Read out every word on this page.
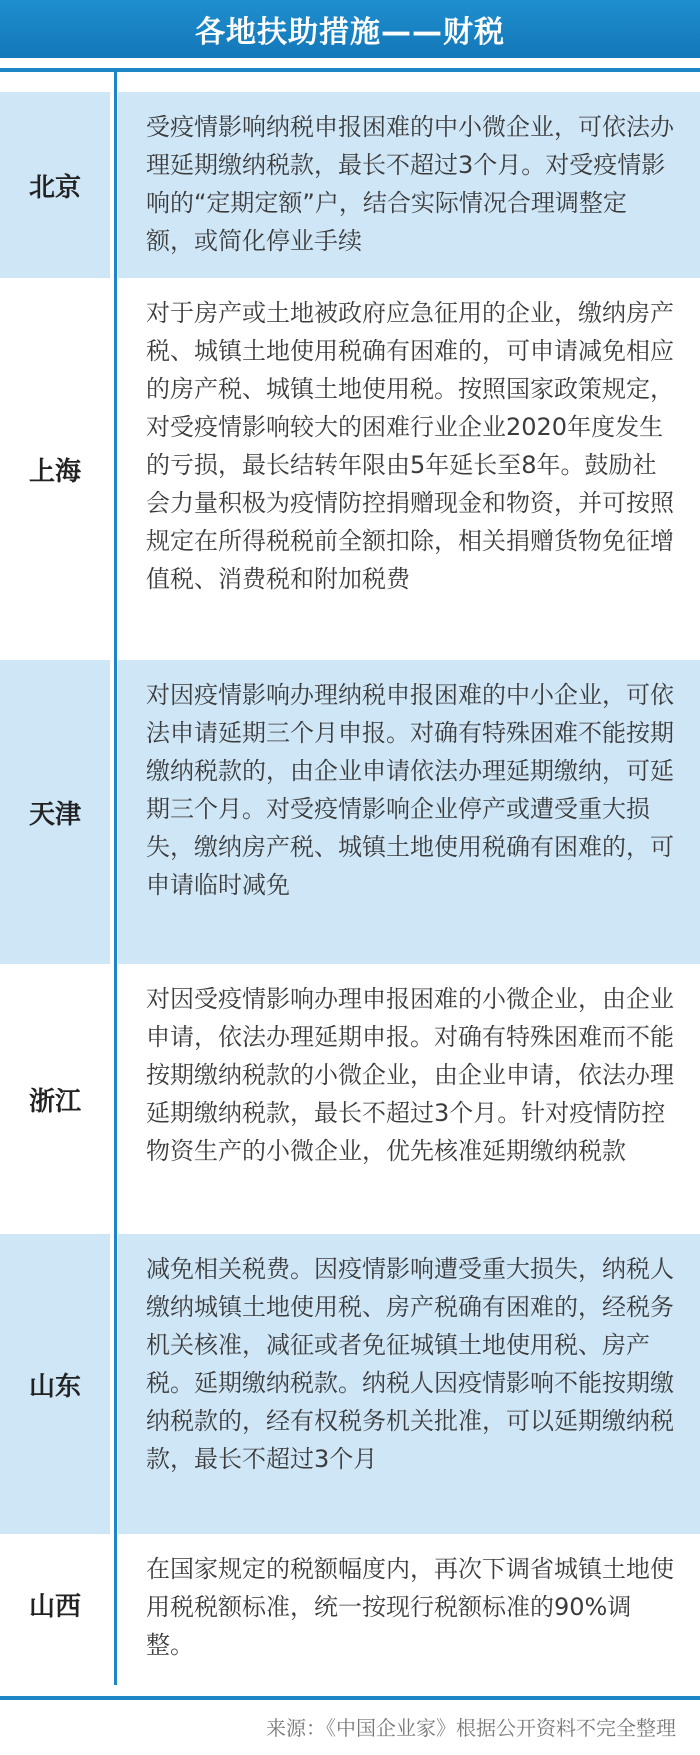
各地扶助措施——财税
北京
受疫情影响纳税申报困难的中小微企业，可依法办理延期缴纳税款，最长不超过3个月。对受疫情影响的“定期定额”户，结合实际情况合理调整定额，或简化停业手续
上海
对于房产或土地被政府应急征用的企业，缴纳房产税、城镇土地使用税确有困难的，可申请减免相应的房产税、城镇土地使用税。按照国家政策规定，对受疫情影响较大的困难行业企业2020年度发生的亏损，最长结转年限由5年延长至8年。鼓励社会力量积极为疫情防控捐赠现金和物资，并可按照规定在所得税税前全额扣除，相关捐赠货物免征增值税、消费税和附加税费
天津
对因疫情影响办理纳税申报困难的中小企业，可依法申请延期三个月申报。对确有特殊困难不能按期缴纳税款的，由企业申请依法办理延期缴纳，可延期三个月。对受疫情影响企业停产或遭受重大损失，缴纳房产税、城镇土地使用税确有困难的，可申请临时减免
浙江
对因受疫情影响办理申报困难的小微企业，由企业申请，依法办理延期申报。对确有特殊困难而不能按期缴纳税款的小微企业，由企业申请，依法办理延期缴纳税款，最长不超过3个月。针对疫情防控物资生产的小微企业，优先核准延期缴纳税款
山东
减免相关税费。因疫情影响遭受重大损失，纳税人缴纳城镇土地使用税、房产税确有困难的，经税务机关核准，减征或者免征城镇土地使用税、房产税。延期缴纳税款。纳税人因疫情影响不能按期缴纳税款的，经有权税务机关批准，可以延期缴纳税款，最长不超过3个月
山西
在国家规定的税额幅度内，再次下调省城镇土地使用税税额标准，统一按现行税额标准的90%调整。
来源：《中国企业家》根据公开资料不完全整理
